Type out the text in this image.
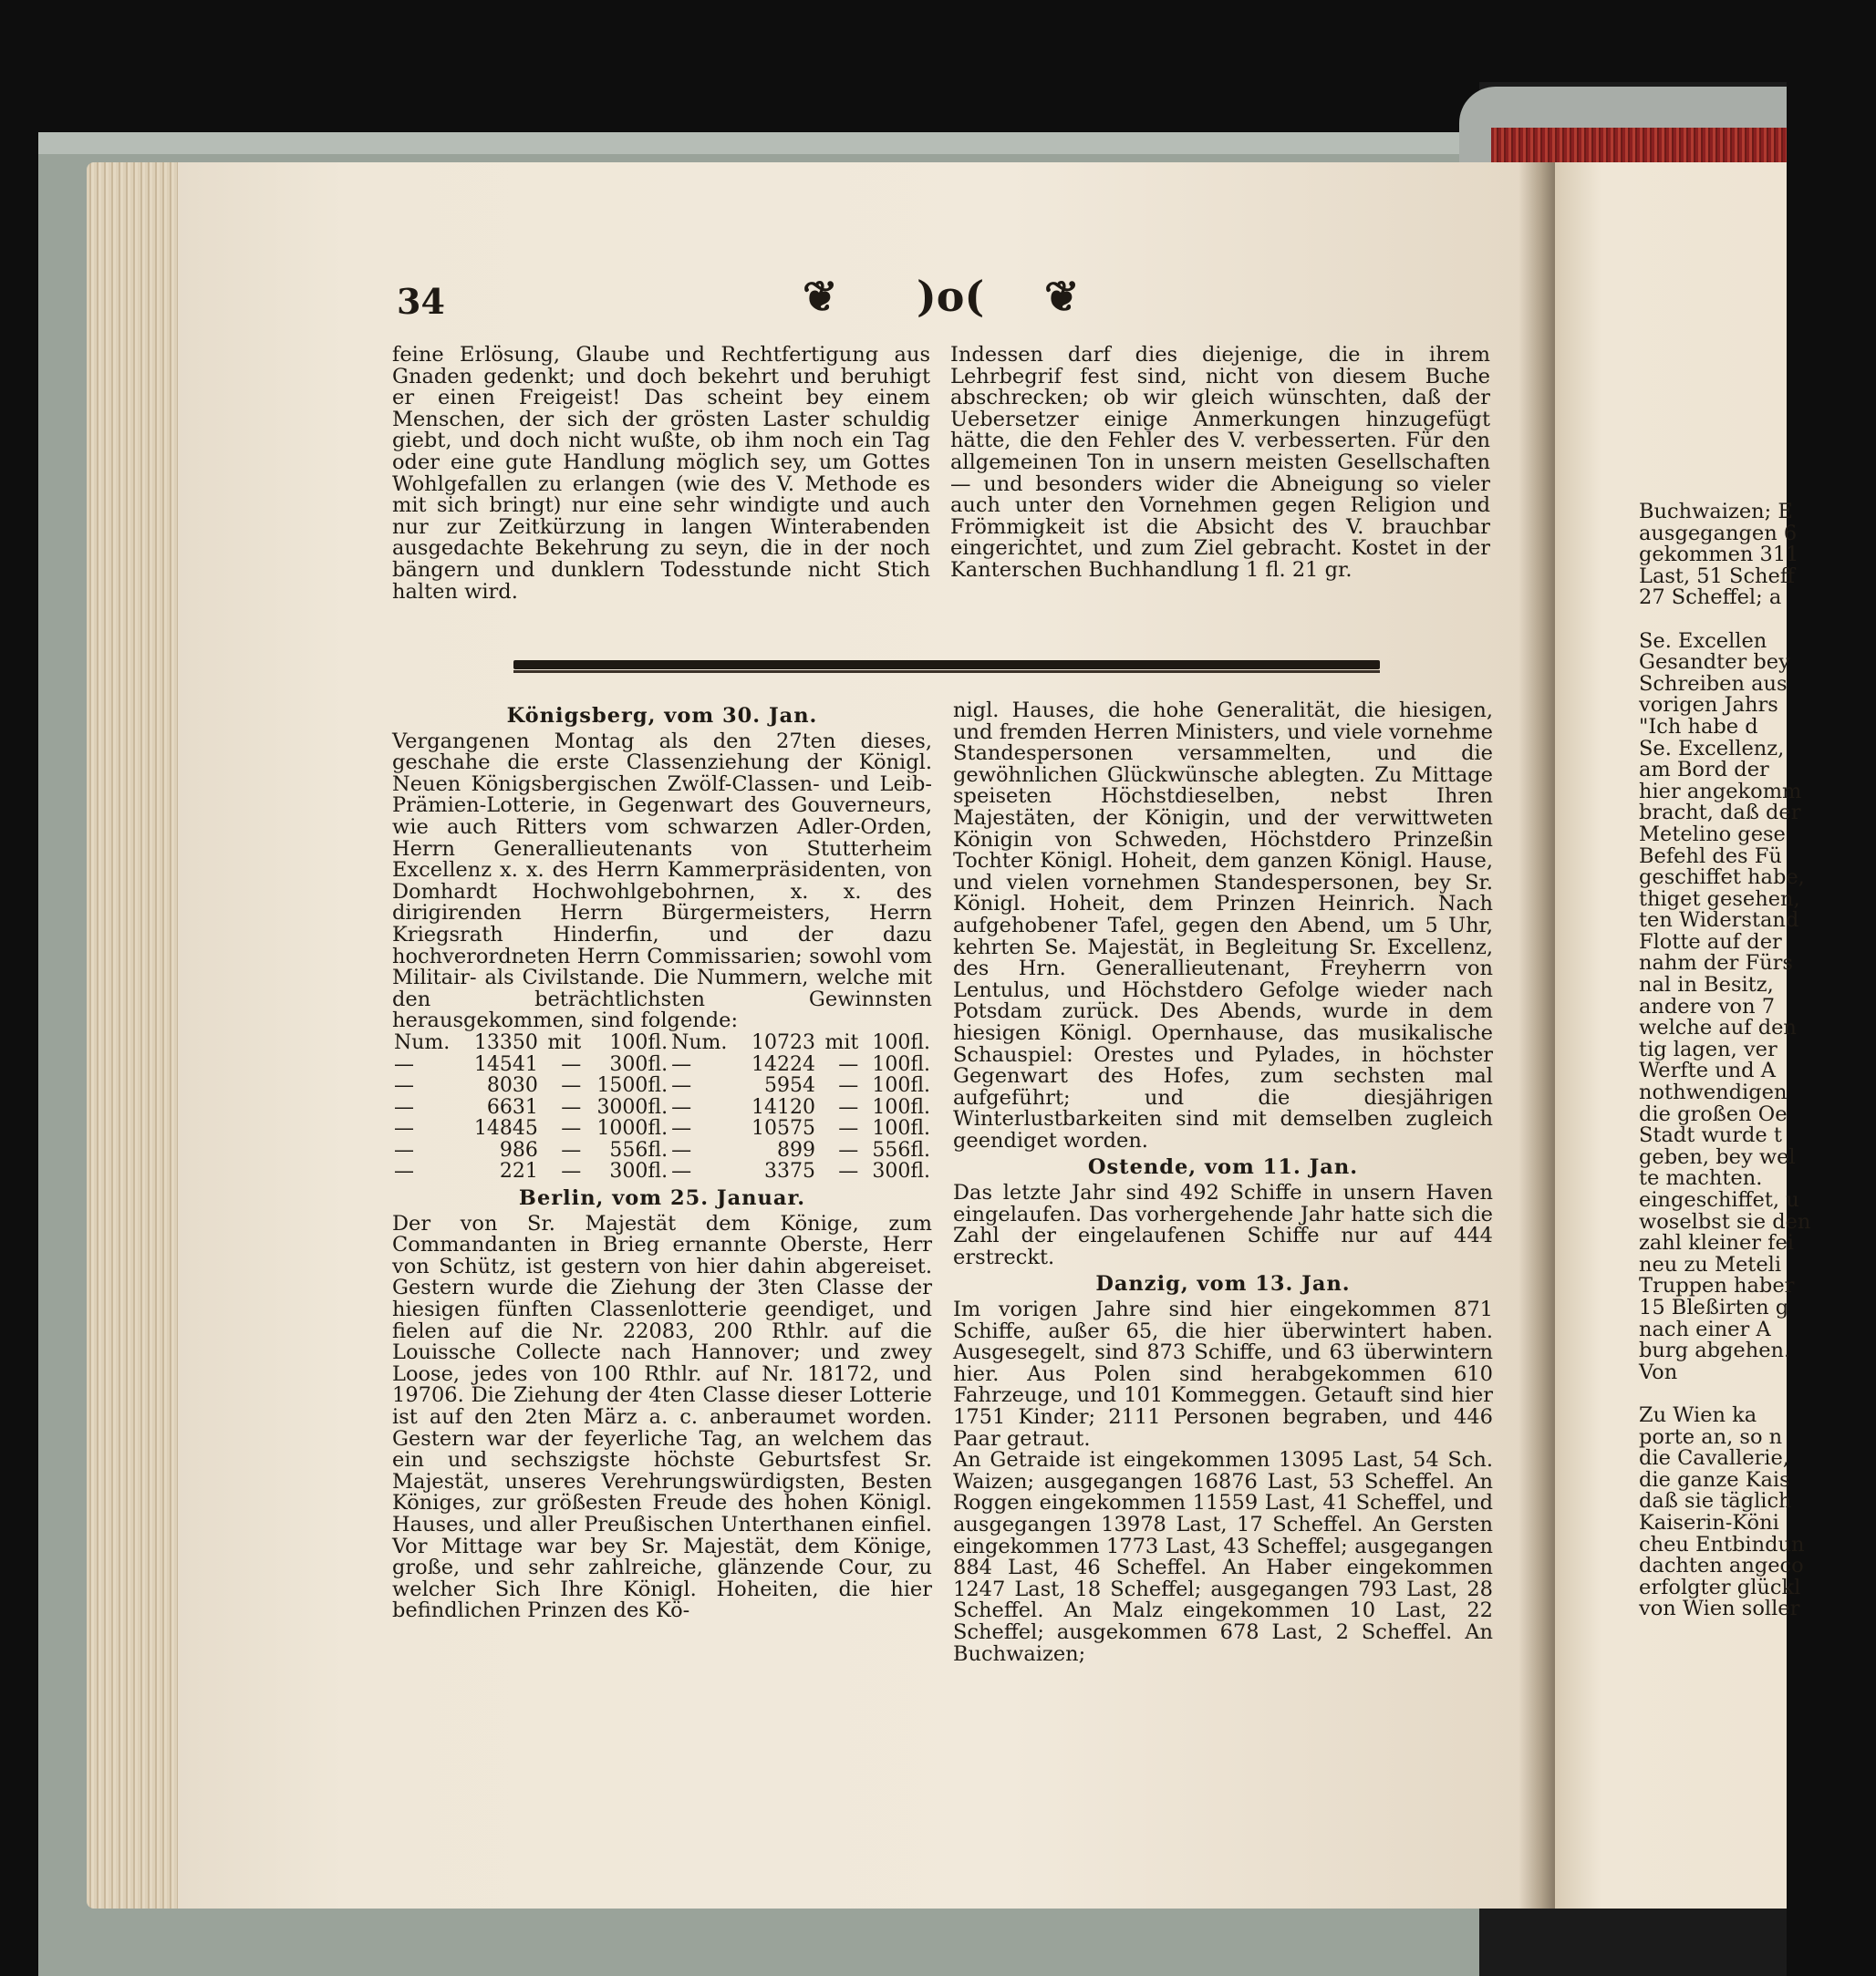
Buchwaizen; E
ausgegangen 6
gekommen 311
Last, 51 Scheff
27 Scheffel; a
Se. Excellen
Gesandter bey
Schreiben aus
vorigen Jahrs
"Ich habe d
Se. Excellenz,
am Bord der
hier angekomm
bracht, daß der
Metelino gese
Befehl des Fü
geschiffet habe,
thiget gesehen,
ten Widerstand
Flotte auf der
nahm der Fürs
nal in Besitz,
andere von 7
welche auf den
tig lagen, ver
Werfte und A
nothwendigen
die großen Oe
Stadt wurde t
geben, bey wel
te machten.
eingeschiffet, u
woselbst sie den
zahl kleiner fei
neu zu Meteli
Truppen haber
15 Bleßirten g
nach einer A
burg abgehen.
Von
Zu Wien ka
porte an, so n
die Cavallerie,
die ganze Kais
daß sie täglich
Kaiserin-Köni
cheu Entbindun
dachten angeco
erfolgter glückl
von Wien soller
34	❦ )o( ❦

feine Erlösung, Glaube und Rechtfertigung aus Gnaden gedenkt; und doch bekehrt und beruhigt er einen Freigeist! Das scheint bey einem Menschen, der sich der grösten Laster schuldig giebt, und doch nicht wußte, ob ihm noch ein Tag oder eine gute Handlung möglich sey, um Gottes Wohlgefallen zu erlangen (wie des V. Methode es mit sich bringt) nur eine sehr windigte und auch nur zur Zeitkürzung in langen Winterabenden ausgedachte Bekehrung zu seyn, die in der noch bängern und dunklern Todesstunde nicht Stich halten wird.

Indessen darf dies diejenige, die in ihrem Lehrbegrif fest sind, nicht von diesem Buche abschrecken; ob wir gleich wünschten, daß der Uebersetzer einige Anmerkungen hinzugefügt hätte, die den Fehler des V. verbesserten. Für den allgemeinen Ton in unsern meisten Gesellschaften — und besonders wider die Abneigung so vieler auch unter den Vornehmen gegen Religion und Frömmigkeit ist die Absicht des V. brauchbar eingerichtet, und zum Ziel gebracht. Kostet in der Kanterschen Buchhandlung 1 fl. 21 gr.

Königsberg, vom 30. Jan.

Vergangenen Montag als den 27ten dieses, geschahe die erste Classenziehung der Königl. Neuen Königsbergischen Zwölf-Classen- und Leib-Prämien-Lotterie, in Gegenwart des Gouverneurs, wie auch Ritters vom schwarzen Adler-Orden, Herrn Generallieutenants von Stutterheim Excellenz x. x. des Herrn Kammerpräsidenten, von Domhardt Hochwohlgebohrnen, x. x. des dirigirenden Herrn Bürgermeisters, Herrn Kriegsrath Hinderfin, und der dazu hochverordneten Herrn Commissarien; sowohl vom Militair- als Civilstande. Die Nummern, welche mit den beträchtlichsten Gewinnsten herausgekommen, sind folgende:

Num.	13350	mit	100fl.	Num.	10723	mit	100fl.
—	14541	—	300fl.	—	14224	—	100fl.
—	8030	—	1500fl.	—	5954	—	100fl.
—	6631	—	3000fl.	—	14120	—	100fl.
—	14845	—	1000fl.	—	10575	—	100fl.
—	986	—	556fl.	—	899	—	556fl.
—	221	—	300fl.	—	3375	—	300fl.
Berlin, vom 25. Januar.

Der von Sr. Majestät dem Könige, zum Commandanten in Brieg ernannte Oberste, Herr von Schütz, ist gestern von hier dahin abgereiset. Gestern wurde die Ziehung der 3ten Classe der hiesigen fünften Classenlotterie geendiget, und fielen auf die Nr. 22083, 200 Rthlr. auf die Louissche Collecte nach Hannover; und zwey Loose, jedes von 100 Rthlr. auf Nr. 18172, und 19706. Die Ziehung der 4ten Classe dieser Lotterie ist auf den 2ten März a. c. anberaumet worden. Gestern war der feyerliche Tag, an welchem das ein und sechszigste höchste Geburtsfest Sr. Majestät, unseres Verehrungswürdigsten, Besten Königes, zur größesten Freude des hohen Königl. Hauses, und aller Preußischen Unterthanen einfiel. Vor Mittage war bey Sr. Majestät, dem Könige, große, und sehr zahlreiche, glänzende Cour, zu welcher Sich Ihre Königl. Hoheiten, die hier befindlichen Prinzen des Kö-

nigl. Hauses, die hohe Generalität, die hiesigen, und fremden Herren Ministers, und viele vornehme Standespersonen versammelten, und die gewöhnlichen Glückwünsche ablegten. Zu Mittage speiseten Höchstdieselben, nebst Ihren Majestäten, der Königin, und der verwittweten Königin von Schweden, Höchstdero Prinzeßin Tochter Königl. Hoheit, dem ganzen Königl. Hause, und vielen vornehmen Standespersonen, bey Sr. Königl. Hoheit, dem Prinzen Heinrich. Nach aufgehobener Tafel, gegen den Abend, um 5 Uhr, kehrten Se. Majestät, in Begleitung Sr. Excellenz, des Hrn. Generallieutenant, Freyherrn von Lentulus, und Höchstdero Gefolge wieder nach Potsdam zurück. Des Abends, wurde in dem hiesigen Königl. Opernhause, das musikalische Schauspiel: Orestes und Pylades, in höchster Gegenwart des Hofes, zum sechsten mal aufgeführt; und die diesjährigen Winterlustbarkeiten sind mit demselben zugleich geendiget worden.

Ostende, vom 11. Jan.

Das letzte Jahr sind 492 Schiffe in unsern Haven eingelaufen. Das vorhergehende Jahr hatte sich die Zahl der eingelaufenen Schiffe nur auf 444 erstreckt.

Danzig, vom 13. Jan.

Im vorigen Jahre sind hier eingekommen 871 Schiffe, außer 65, die hier überwintert haben. Ausgesegelt, sind 873 Schiffe, und 63 überwintern hier. Aus Polen sind herabgekommen 610 Fahrzeuge, und 101 Kommeggen. Getauft sind hier 1751 Kinder; 2111 Personen begraben, und 446 Paar getraut.

An Getraide ist eingekommen 13095 Last, 54 Sch. Waizen; ausgegangen 16876 Last, 53 Scheffel. An Roggen eingekommen 11559 Last, 41 Scheffel, und ausgegangen 13978 Last, 17 Scheffel. An Gersten eingekommen 1773 Last, 43 Scheffel; ausgegangen 884 Last, 46 Scheffel. An Haber eingekommen 1247 Last, 18 Scheffel; ausgegangen 793 Last, 28 Scheffel. An Malz eingekommen 10 Last, 22 Scheffel; ausgekommen 678 Last, 2 Scheffel. An Buchwaizen;
